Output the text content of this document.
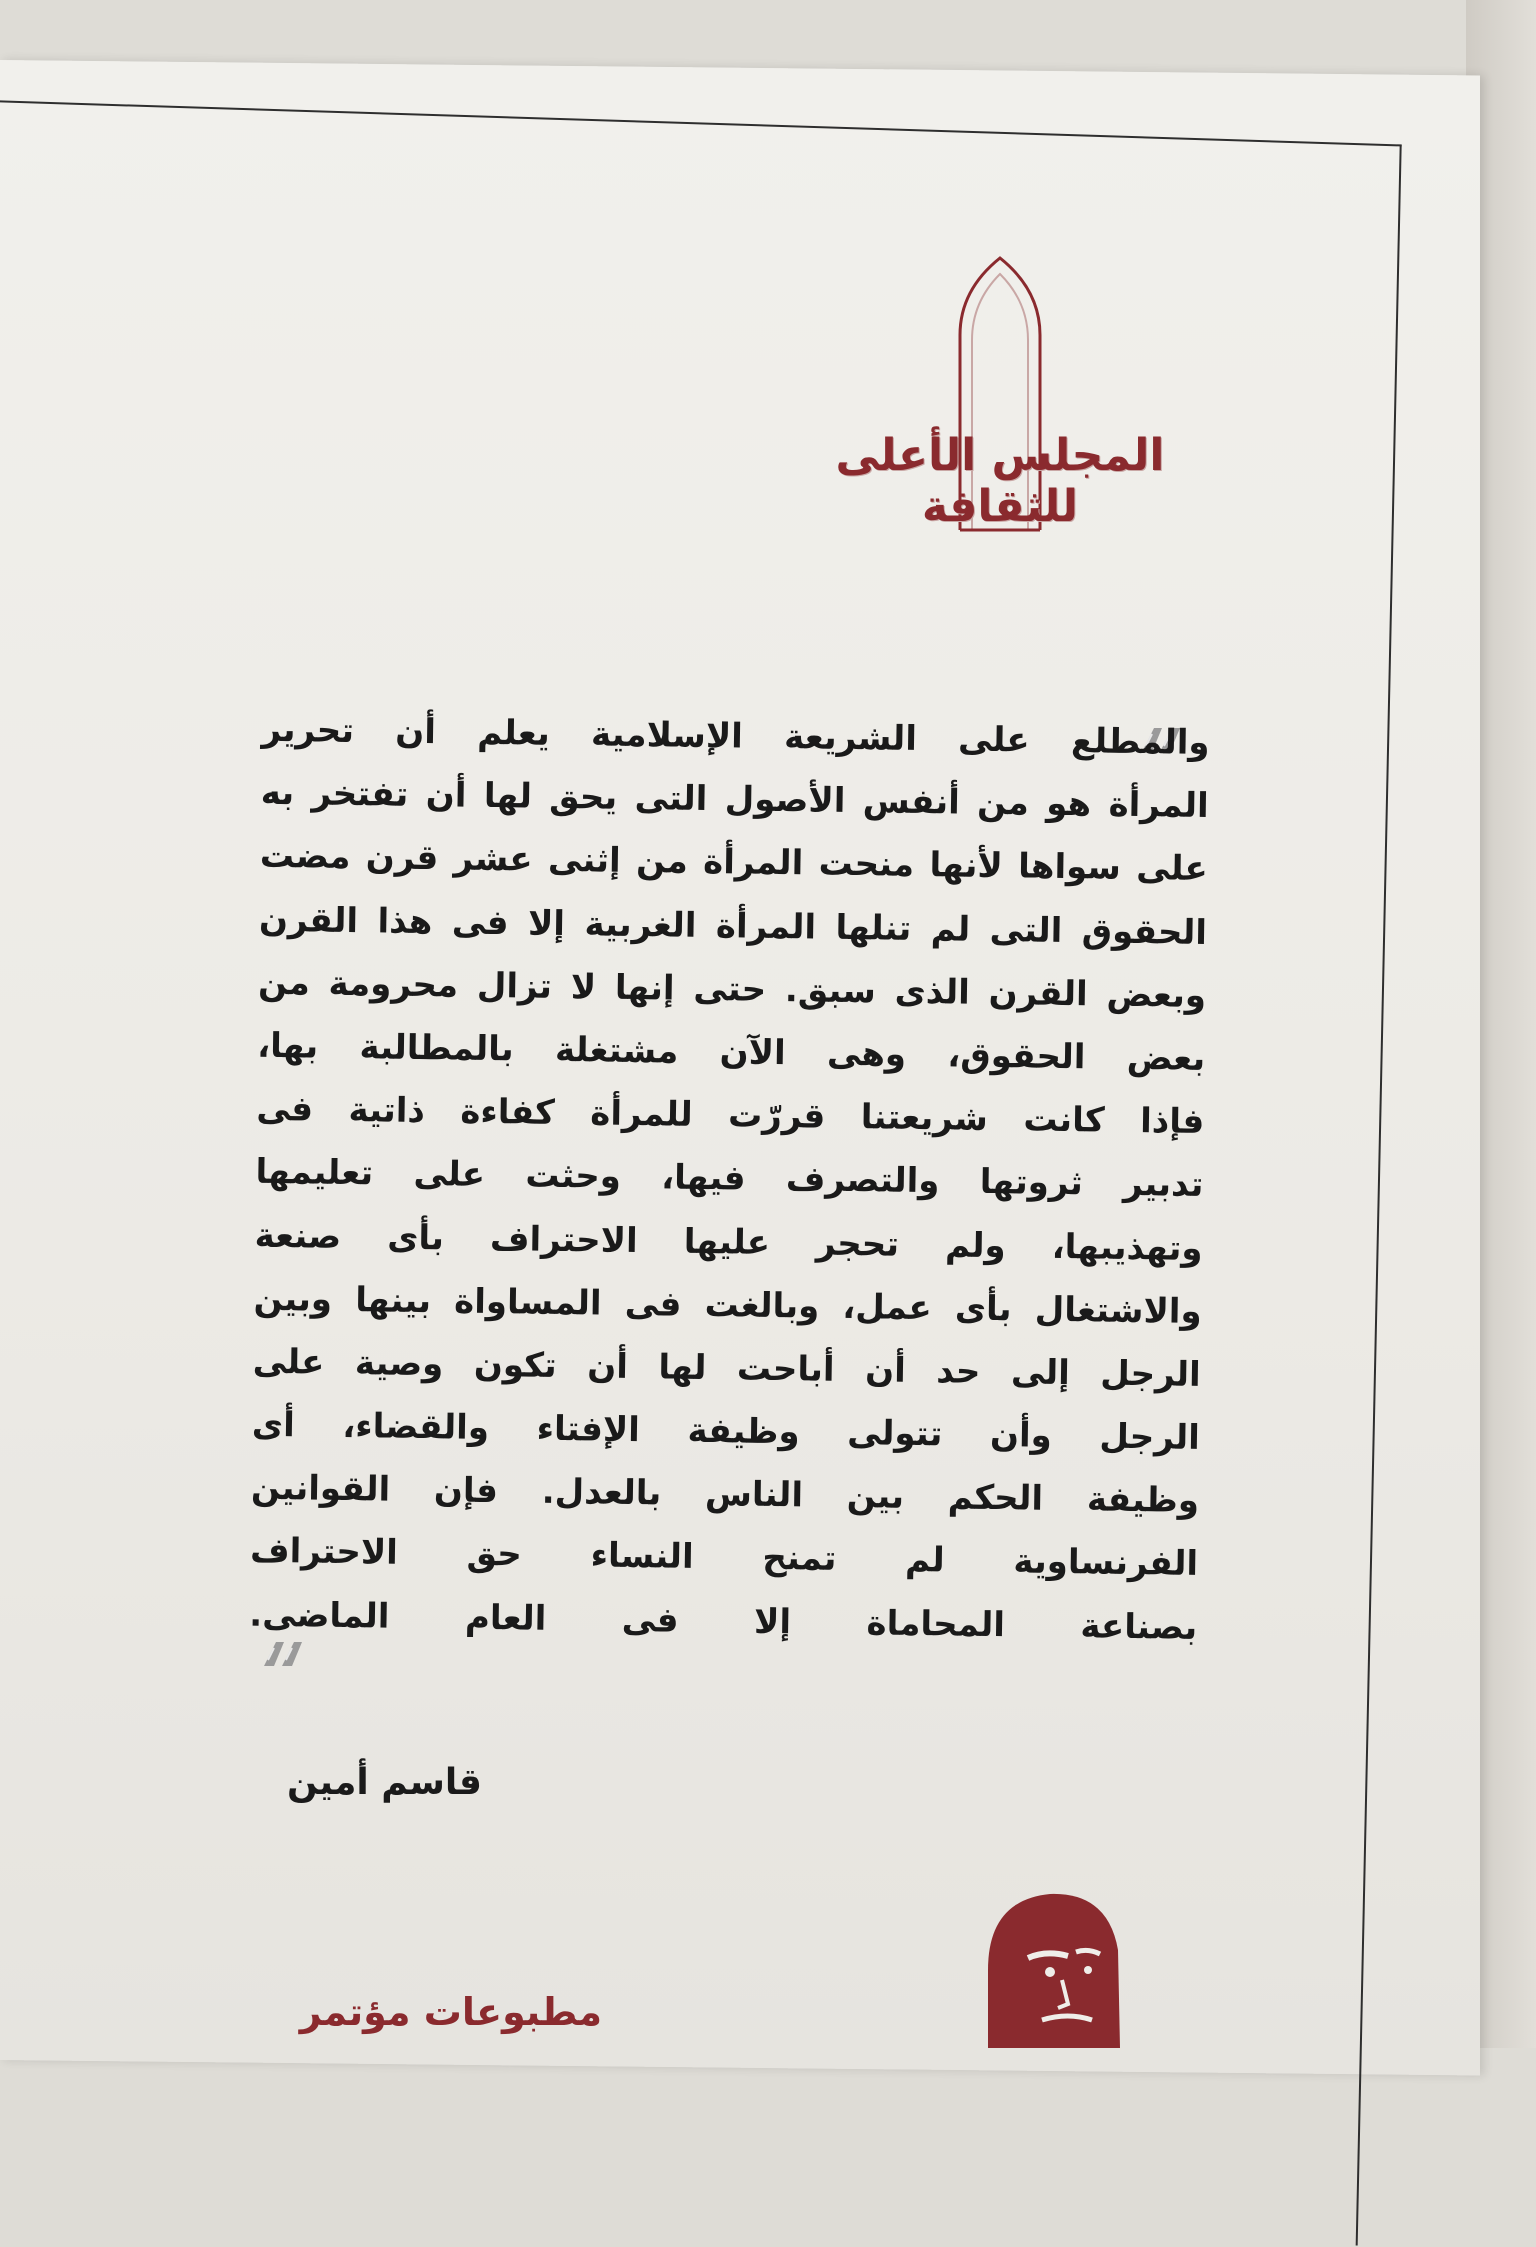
المجلس الأعلى للثقافة
والمطلع على الشريعة الإسلامية يعلم أن تحرير
المرأة هو من أنفس الأصول التى يحق لها أن تفتخر به
على سواها لأنها منحت المرأة من إثنى عشر قرن مضت
الحقوق التى لم تنلها المرأة الغربية إلا فى هذا القرن
وبعض القرن الذى سبق. حتى إنها لا تزال محرومة من
بعض الحقوق، وهى الآن مشتغلة بالمطالبة بها،
فإذا كانت شريعتنا قررّت للمرأة كفاءة ذاتية فى
تدبير ثروتها والتصرف فيها، وحثت على تعليمها
وتهذيبها، ولم تحجر عليها الاحتراف بأى صنعة
والاشتغال بأى عمل، وبالغت فى المساواة بينها وبين
الرجل إلى حد أن أباحت لها أن تكون وصية على
الرجل وأن تتولى وظيفة الإفتاء والقضاء، أى
وظيفة الحكم بين الناس بالعدل. فإن القوانين
الفرنساوية لم تمنح النساء حق الاحتراف
بصناعة المحاماة إلا فى العام الماضى.
قاسم أمين
مطبوعات مؤتمر
